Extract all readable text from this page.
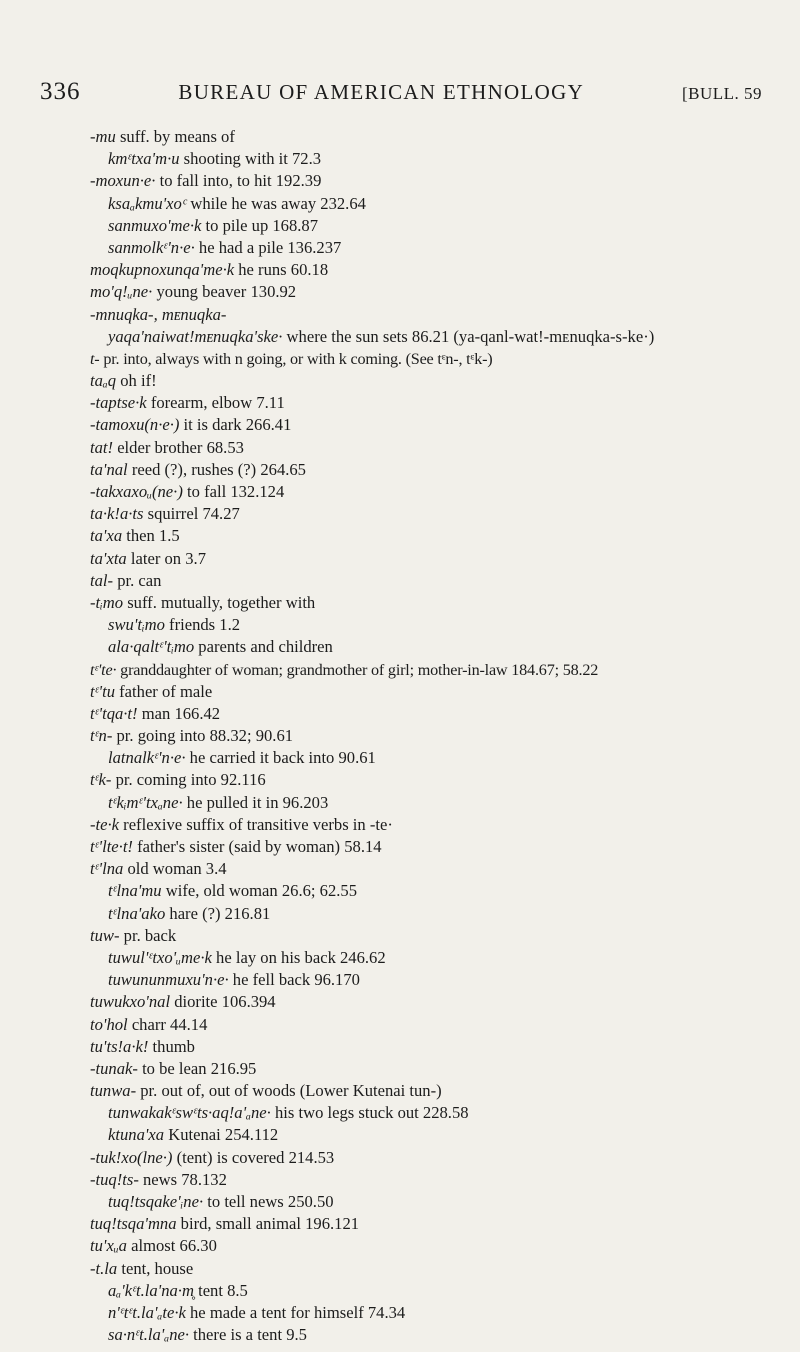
336	BUREAU OF AMERICAN ETHNOLOGY	[BULL. 59
-mu suff. by means of
kmᵋtxa'm·u shooting with it 72.3
-moxun·e· to fall into, to hit 192.39
ksaₐkmu'xoᶜ while he was away 232.64
sanmuxo'me·k to pile up 168.87
sanmolkᵋ'n·e· he had a pile 136.237
moqkupnoxunqa'me·k he runs 60.18
mo'q!ᵤne· young beaver 130.92
-mnuqka-, mᴇnuqka-
yaqa'naiwat!mᴇnuqka'ske· where the sun sets 86.21 (ya-qanl-wat!-mᴇnuqka-s-ke·)
t- pr. into, always with n going, or with k coming. (See tᵋn-, tᵋk-)
taₐq oh if!
-taptse·k forearm, elbow 7.11
-tamoxu(n·e·) it is dark 266.41
tat! elder brother 68.53
ta'nal reed (?), rushes (?) 264.65
-takxaxoᵤ(ne·) to fall 132.124
ta·k!a·ts squirrel 74.27
ta'xa then 1.5
ta'xta later on 3.7
tal- pr. can
-tᵢmo suff. mutually, together with
swu'tᵢmo friends 1.2
ala·qaltᵋ'tᵢmo parents and children
tᵋ'te· granddaughter of woman; grandmother of girl; mother-in-law 184.67; 58.22
tᵋ'tu father of male
tᵋ'tqa·t! man 166.42
tᵋn- pr. going into 88.32; 90.61
latnalkᵋ'n·e· he carried it back into 90.61
tᵋk- pr. coming into 92.116
tᵋkᵢmᵋ'txₐne· he pulled it in 96.203
-te·k reflexive suffix of transitive verbs in -te·
tᵋ'lte·t! father's sister (said by woman) 58.14
tᵋ'lna old woman 3.4
tᵋlna'mu wife, old woman 26.6; 62.55
tᵋlna'ako hare (?) 216.81
tuw- pr. back
tuwul'ᵋtxo'ᵤme·k he lay on his back 246.62
tuwununmuxu'n·e· he fell back 96.170
tuwukxo'nal diorite 106.394
to'hol charr 44.14
tu'ts!a·k! thumb
-tunak- to be lean 216.95
tunwa- pr. out of, out of woods (Lower Kutenai tun-)
tunwakakᵋswᵋts·aq!a'ₐne· his two legs stuck out 228.58
ktuna'xa Kutenai 254.112
-tuk!xo(lne·) (tent) is covered 214.53
-tuq!ts- news 78.132
tuq!tsqake'ᵢne· to tell news 250.50
tuq!tsqa'mna bird, small animal 196.121
tu'xᵤa almost 66.30
-t.la tent, house
aₐ'kᵋt.la'na·m̥ tent 8.5
n'ᵋtᵋt.la'ₐte·k he made a tent for himself 74.34
sa·nᵋt.la'ₐne· there is a tent 9.5
